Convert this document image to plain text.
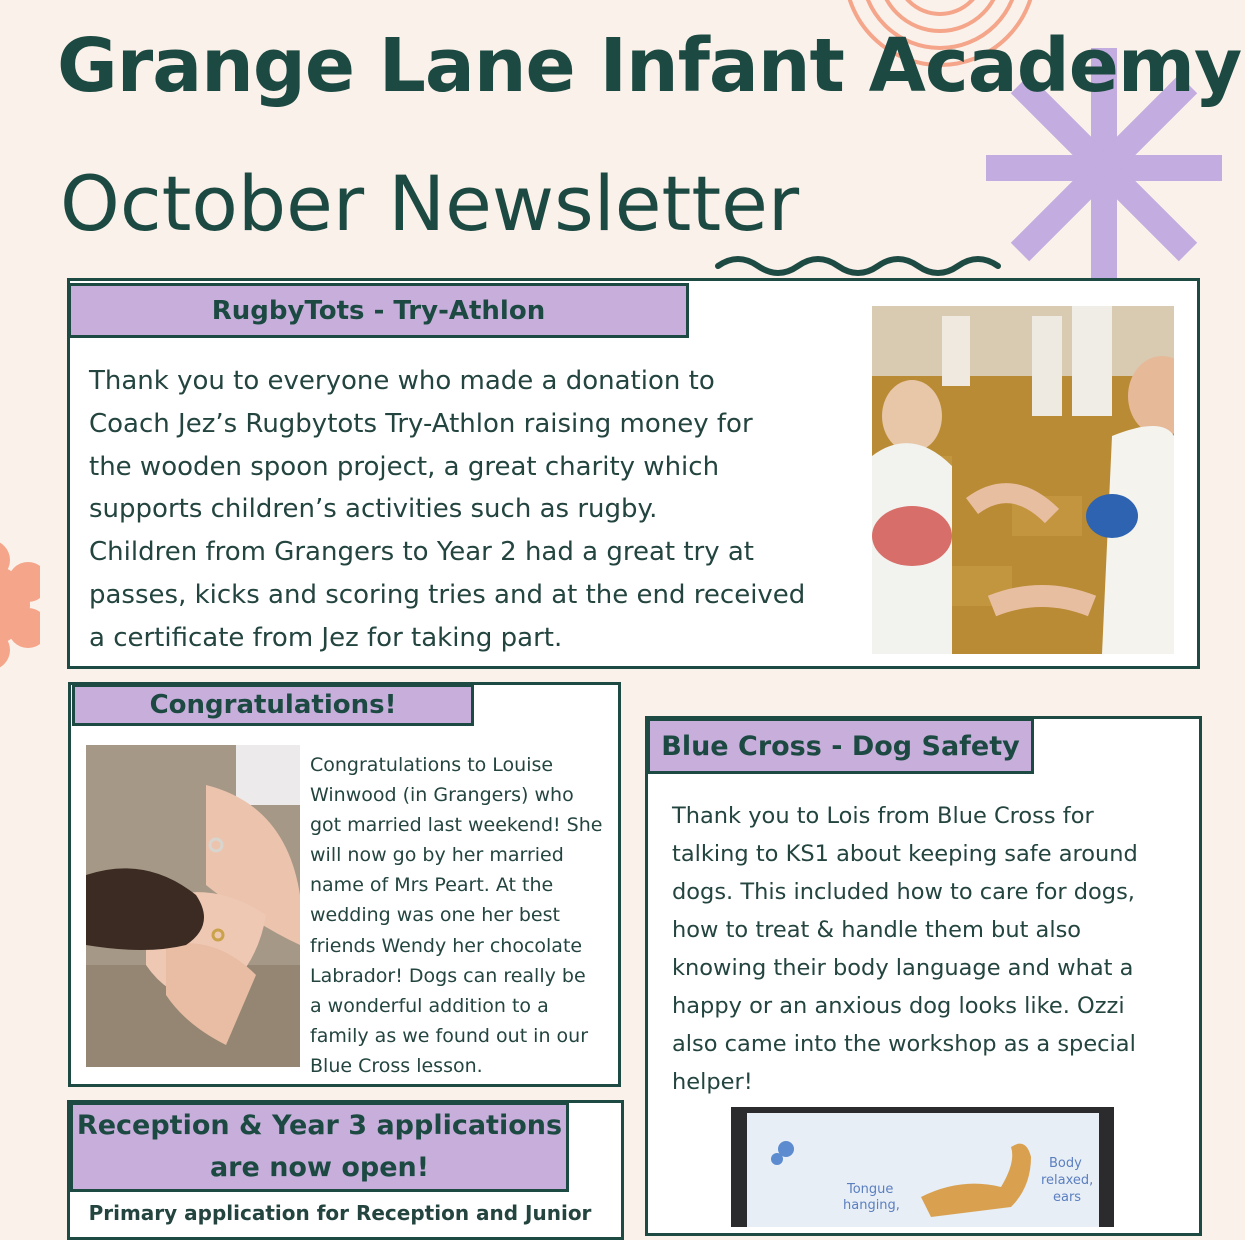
Grange Lane Infant Academy
October Newsletter
RugbyTots - Try-Athlon
Thank you to everyone who made a donation to
Coach Jez’s Rugbytots Try-Athlon raising money for
the wooden spoon project, a great charity which
supports children’s activities such as rugby.
Children from Grangers to Year 2 had a great try at
passes, kicks and scoring tries and at the end received
a certificate from Jez for taking part.
Congratulations!
Congratulations to Louise
Winwood (in Grangers) who
got married last weekend! She
will now go by her married
name of Mrs Peart. At the
wedding was one her best
friends Wendy her chocolate
Labrador! Dogs can really be
a wonderful addition to a
family as we found out in our
Blue Cross lesson.
Blue Cross - Dog Safety
Thank you to Lois from Blue Cross for
talking to KS1 about keeping safe around
dogs. This included how to care for dogs,
how to treat & handle them but also
knowing their body language and what a
happy or an anxious dog looks like. Ozzi
also came into the workshop as a special
helper!
Tongue
hanging,
Body
relaxed,
ears
Reception & Year 3 applications
are now open!
Primary application for Reception and Junior
